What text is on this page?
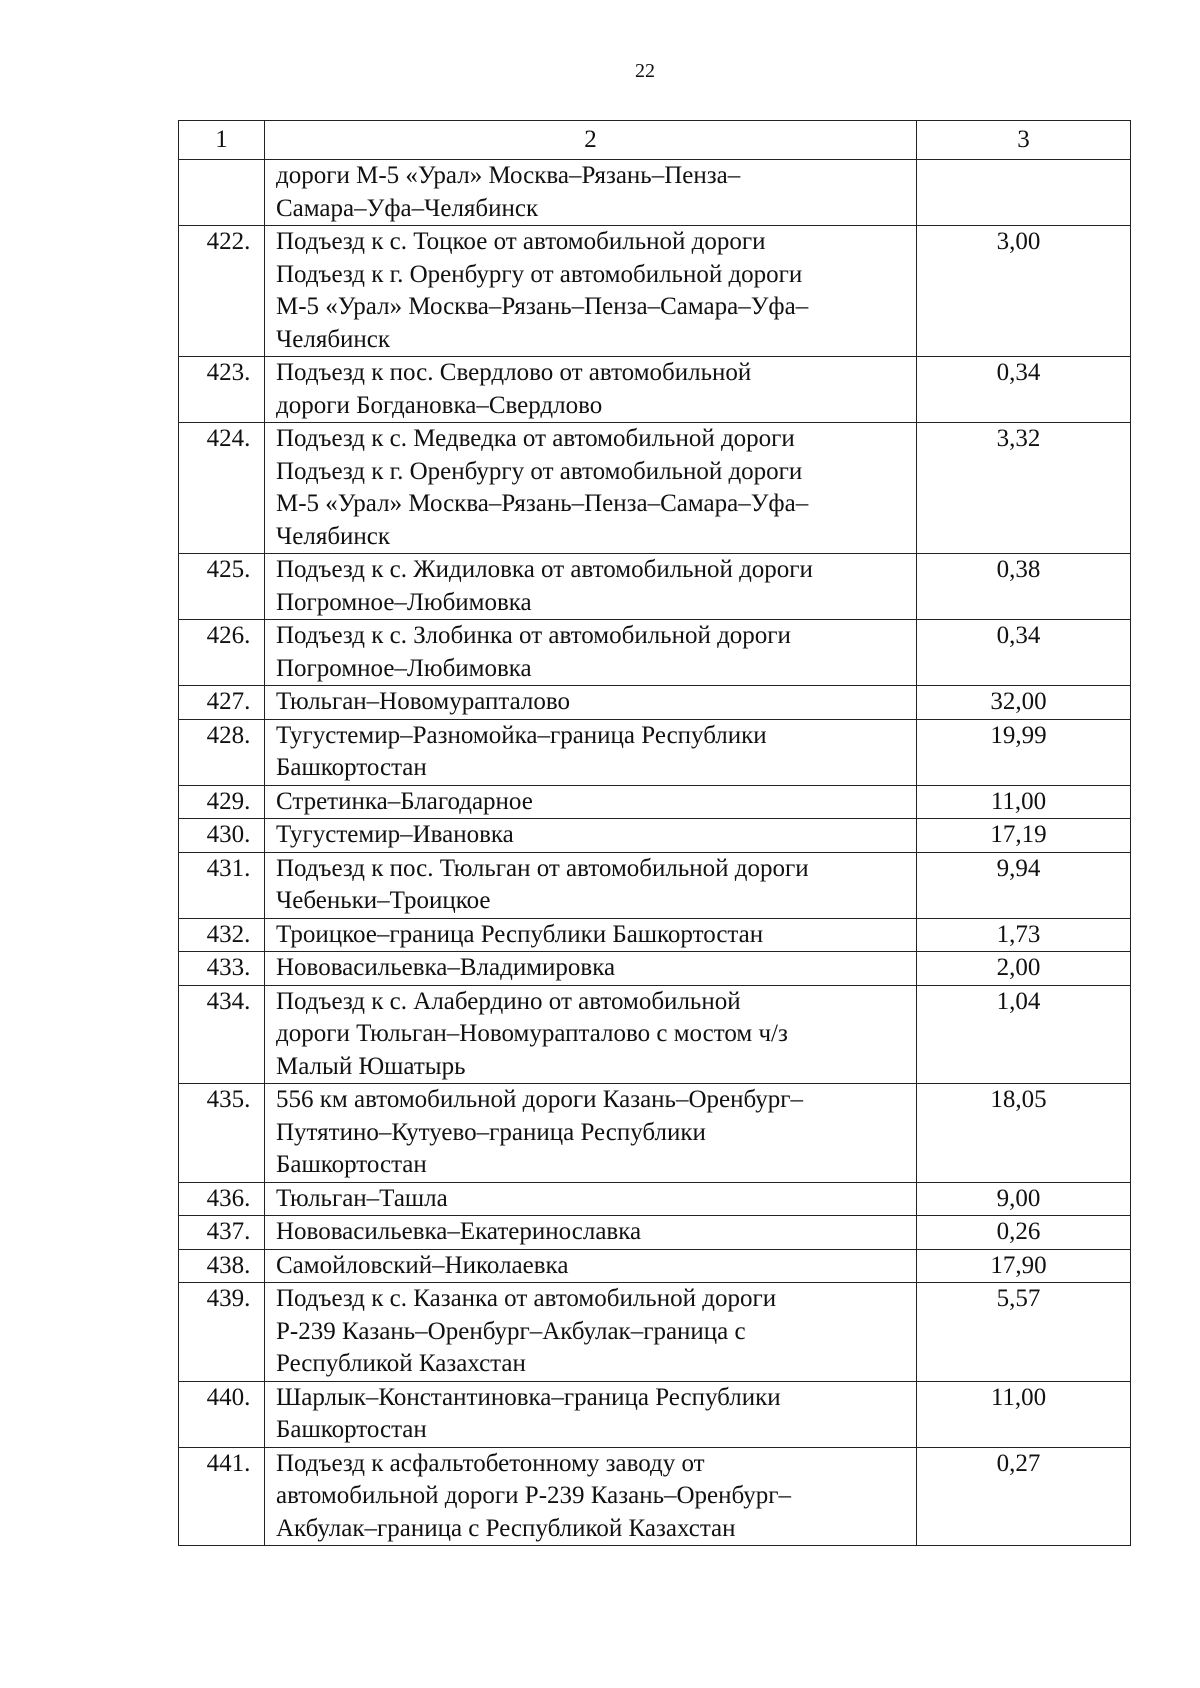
22
1	2	3
	дороги М-5 «Урал» Москва–Рязань–Пенза–
Самара–Уфа–Челябинск	
422.	Подъезд к с. Тоцкое от автомобильной дороги
Подъезд к г. Оренбургу от автомобильной дороги
М-5 «Урал» Москва–Рязань–Пенза–Самара–Уфа–
Челябинск	3,00
423.	Подъезд к пос. Свердлово от автомобильной
дороги Богдановка–Свердлово	0,34
424.	Подъезд к с. Медведка от автомобильной дороги
Подъезд к г. Оренбургу от автомобильной дороги
М-5 «Урал» Москва–Рязань–Пенза–Самара–Уфа–
Челябинск	3,32
425.	Подъезд к с. Жидиловка от автомобильной дороги
Погромное–Любимовка	0,38
426.	Подъезд к с. Злобинка от автомобильной дороги
Погромное–Любимовка	0,34
427.	Тюльган–Новомурапталово	32,00
428.	Тугустемир–Разномойка–граница Республики
Башкортостан	19,99
429.	Стретинка–Благодарное	11,00
430.	Тугустемир–Ивановка	17,19
431.	Подъезд к пос. Тюльган от автомобильной дороги
Чебеньки–Троицкое	9,94
432.	Троицкое–граница Республики Башкортостан	1,73
433.	Нововасильевка–Владимировка	2,00
434.	Подъезд к с. Алабердино от автомобильной
дороги Тюльган–Новомурапталово с мостом ч/з
Малый Юшатырь	1,04
435.	556 км автомобильной дороги Казань–Оренбург–
Путятино–Кутуево–граница Республики
Башкортостан	18,05
436.	Тюльган–Ташла	9,00
437.	Нововасильевка–Екатеринославка	0,26
438.	Самойловский–Николаевка	17,90
439.	Подъезд к с. Казанка от автомобильной дороги
Р-239 Казань–Оренбург–Акбулак–граница с
Республикой Казахстан	5,57
440.	Шарлык–Константиновка–граница Республики
Башкортостан	11,00
441.	Подъезд к асфальтобетонному заводу от
автомобильной дороги Р-239 Казань–Оренбург–
Акбулак–граница с Республикой Казахстан	0,27
